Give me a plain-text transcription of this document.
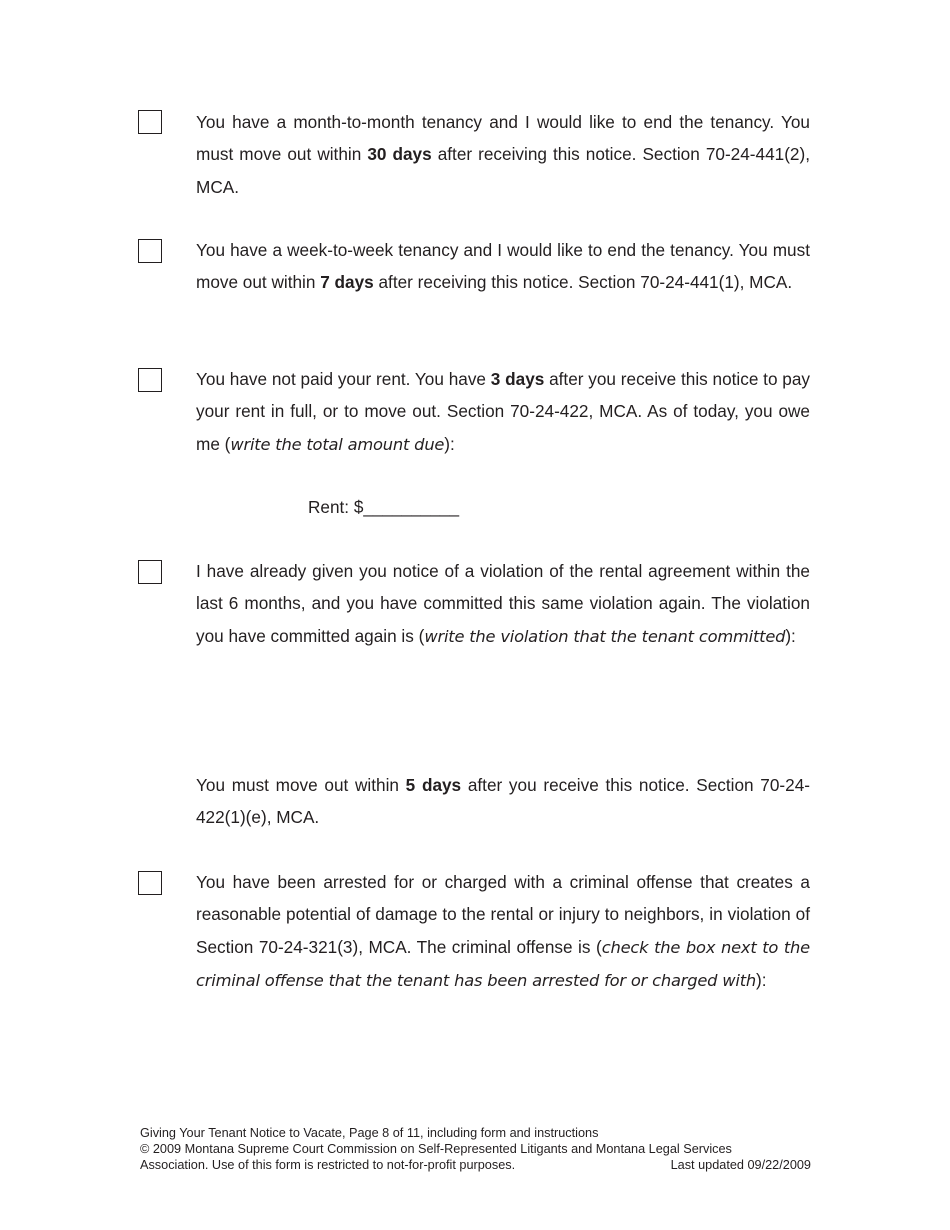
You have a month-to-month tenancy and I would like to end the tenancy. You must move out within 30 days after receiving this notice. Section 70-24-441(2), MCA.

You have a week-to-week tenancy and I would like to end the tenancy. You must move out within 7 days after receiving this notice. Section 70-24-441(1), MCA.

You have not paid your rent. You have 3 days after you receive this notice to pay your rent in full, or to move out. Section 70-24-422, MCA. As of today, you owe me (write the total amount due):

Rent: $__________

I have already given you notice of a violation of the rental agreement within the last 6 months, and you have committed this same violation again. The violation you have committed again is (write the violation that the tenant committed):

You must move out within 5 days after you receive this notice. Section 70-24-422(1)(e), MCA.

You have been arrested for or charged with a criminal offense that creates a reasonable potential of damage to the rental or injury to neighbors, in violation of Section 70-24-321(3), MCA. The criminal offense is (check the box next to the criminal offense that the tenant has been arrested for or charged with):

Giving Your Tenant Notice to Vacate, Page 8 of 11, including form and instructions
© 2009 Montana Supreme Court Commission on Self-Represented Litigants and Montana Legal Services
Association. Use of this form is restricted to not-for-profit purposes.	Last updated 09/22/2009
